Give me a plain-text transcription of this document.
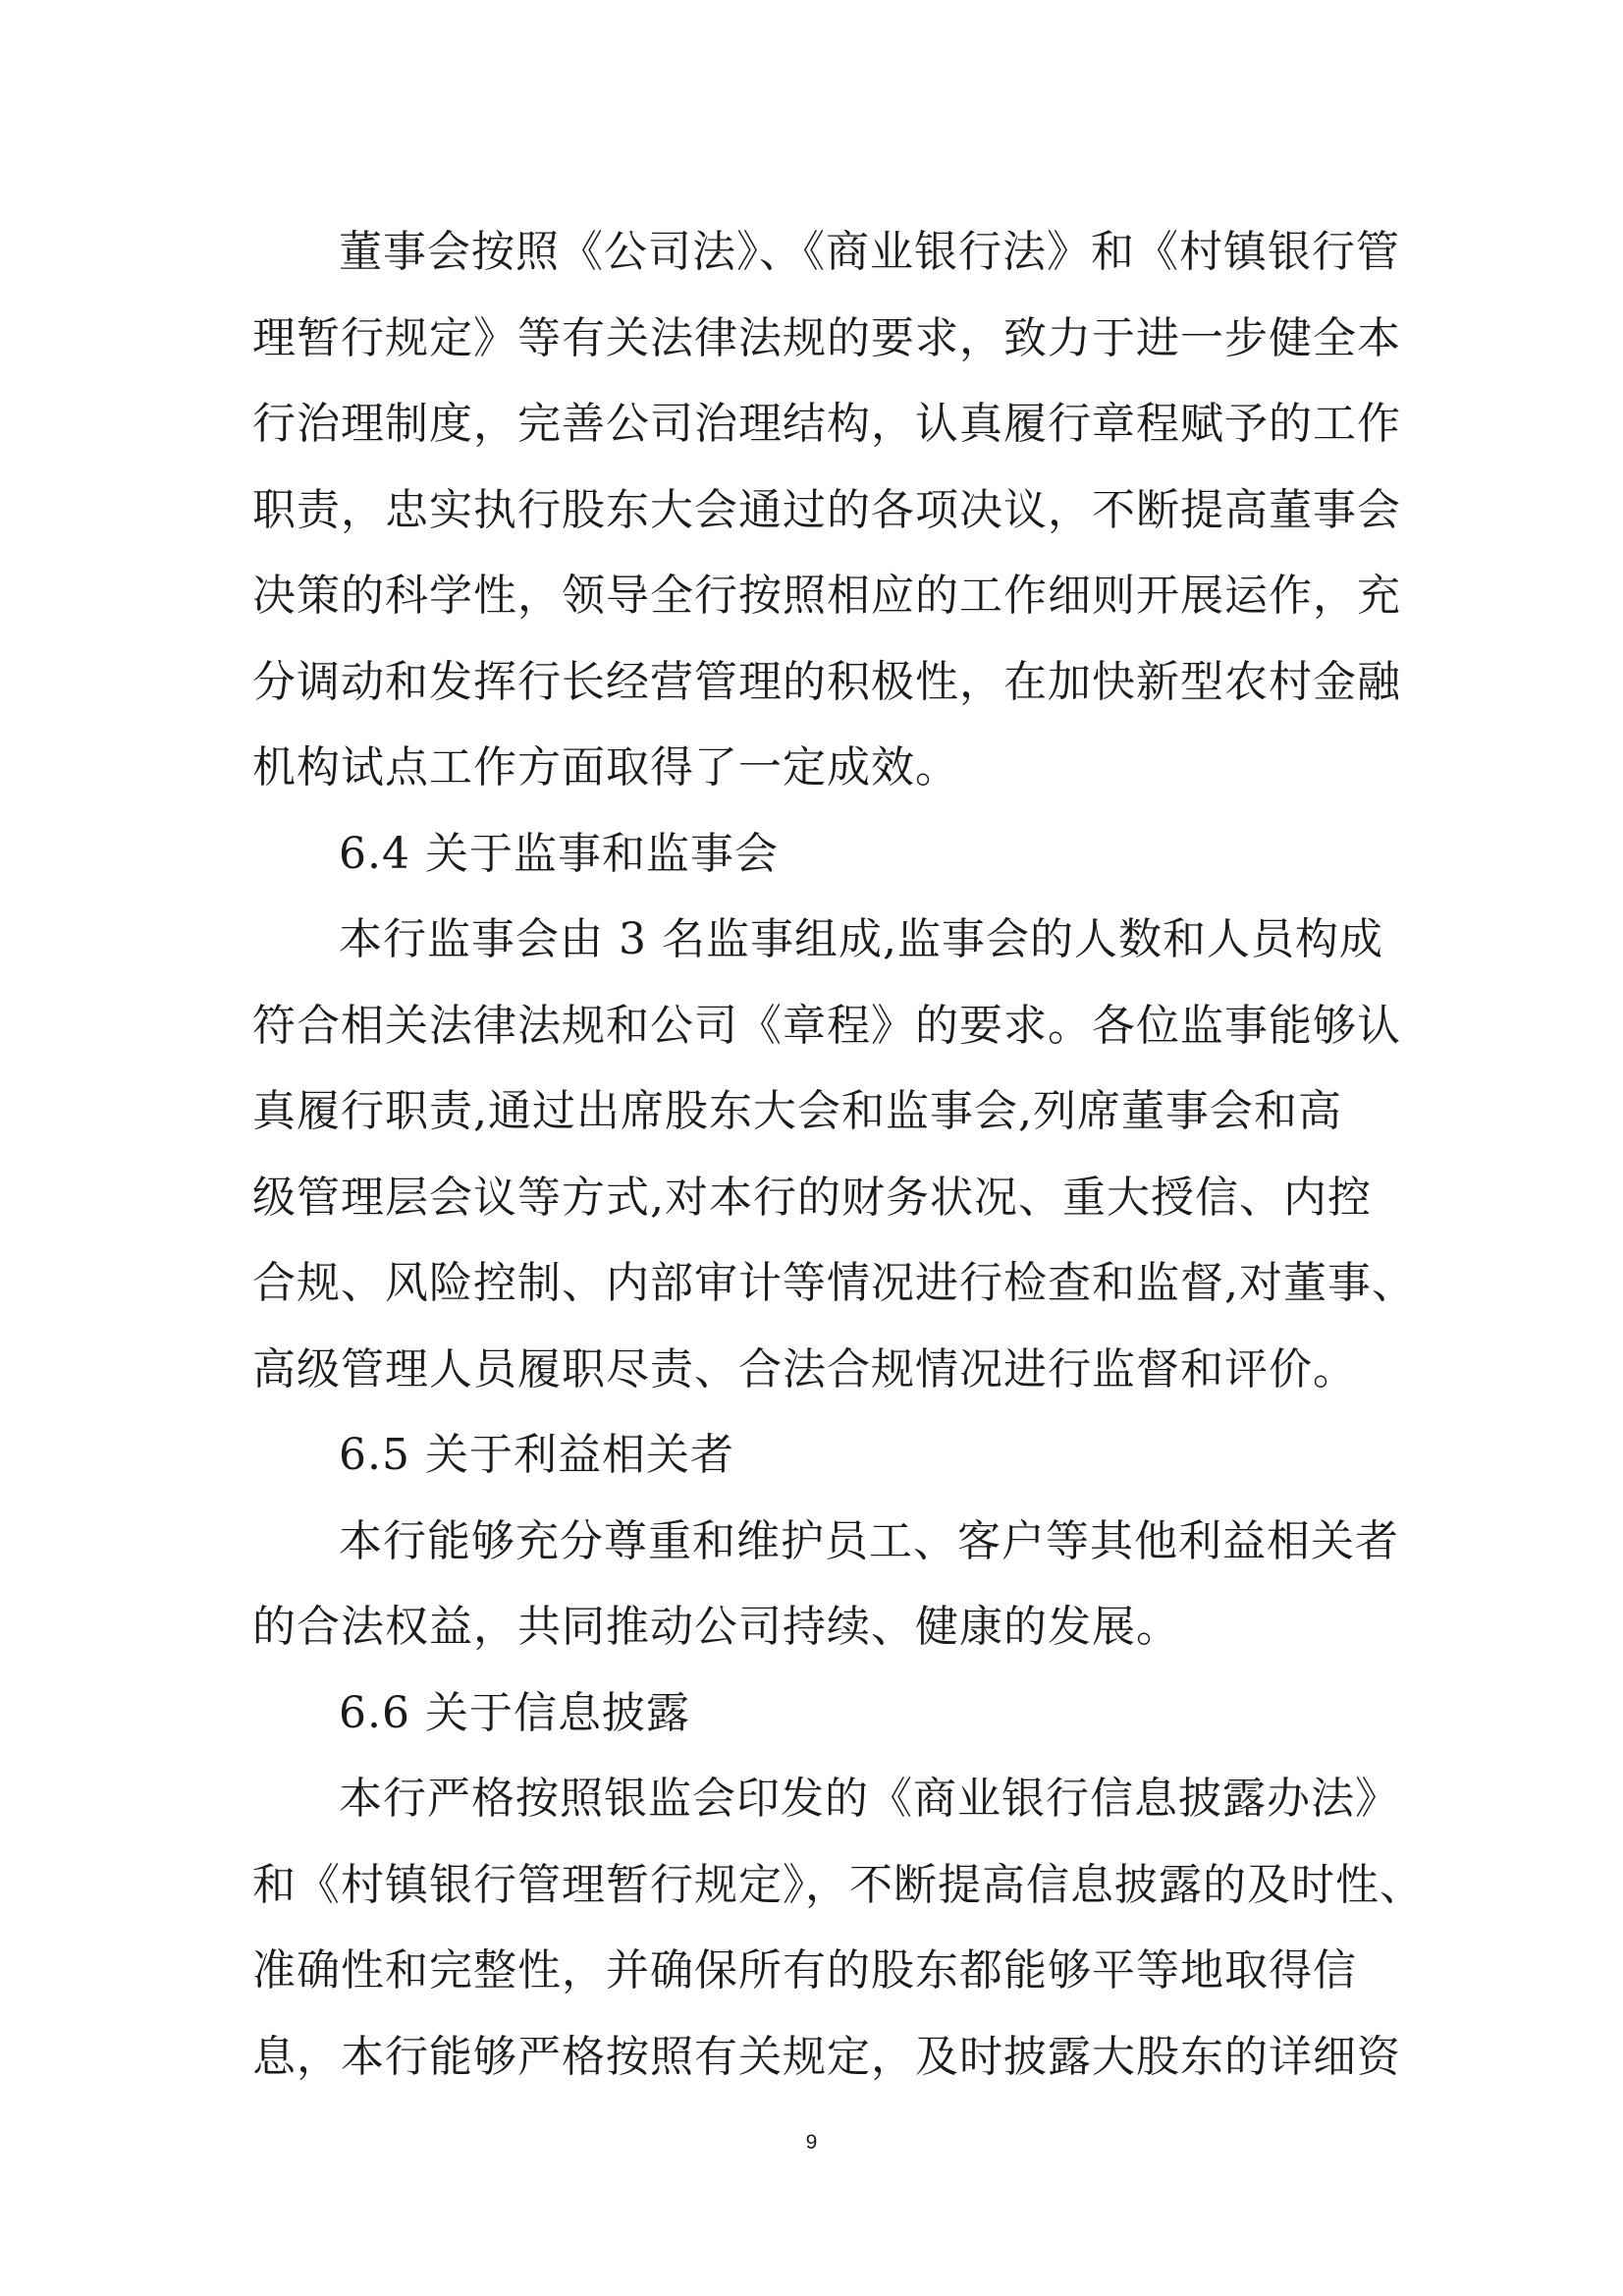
董事会按照《公司法》、《商业银行法》和《村镇银行管
理暂行规定》等有关法律法规的要求，致力于进一步健全本
行治理制度，完善公司治理结构，认真履行章程赋予的工作
职责，忠实执行股东大会通过的各项决议，不断提高董事会
决策的科学性，领导全行按照相应的工作细则开展运作，充
分调动和发挥行长经营管理的积极性，在加快新型农村金融
机构试点工作方面取得了一定成效。
6.4 关于监事和监事会
本行监事会由 3 名监事组成,监事会的人数和人员构成
符合相关法律法规和公司《章程》的要求。各位监事能够认
真履行职责,通过出席股东大会和监事会,列席董事会和高
级管理层会议等方式,对本行的财务状况、重大授信、内控
合规、风险控制、内部审计等情况进行检查和监督,对董事、
高级管理人员履职尽责、合法合规情况进行监督和评价。
6.5 关于利益相关者
本行能够充分尊重和维护员工、客户等其他利益相关者
的合法权益，共同推动公司持续、健康的发展。
6.6 关于信息披露
本行严格按照银监会印发的《商业银行信息披露办法》
和《村镇银行管理暂行规定》，不断提高信息披露的及时性、
准确性和完整性，并确保所有的股东都能够平等地取得信
息，本行能够严格按照有关规定，及时披露大股东的详细资
9
